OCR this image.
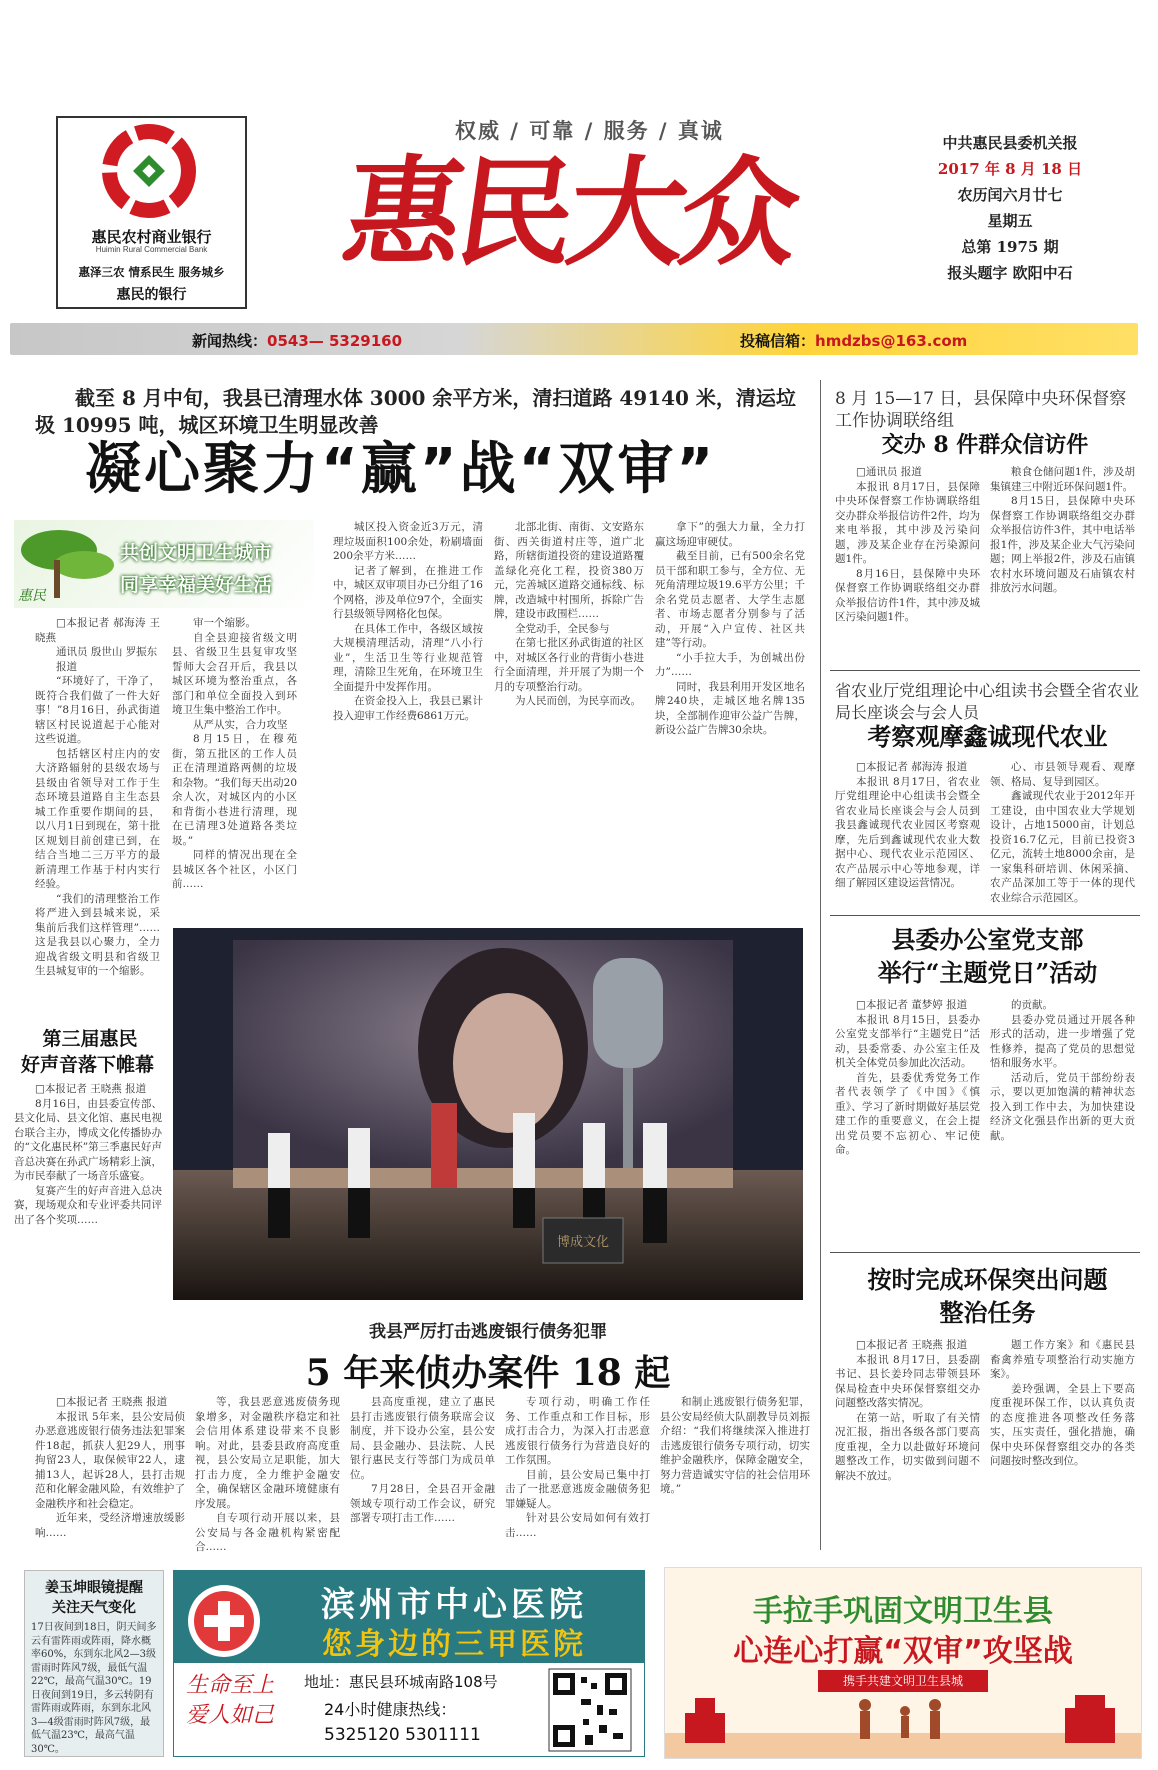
惠民农村商业银行
Huimin Rural Commercial Bank
惠泽三农 情系民生 服务城乡
惠民的银行
权威 / 可靠 / 服务 / 真诚
惠民大众	中共惠民县委机关报
2017 年 8 月 18 日
农历闰六月廿七
星期五
总第 1975 期
报头题字 欧阳中石
新闻热线：0543— 5329160	投稿信箱：hmdzbs@163.com
截至 8 月中旬，我县已清理水体 3000 余平方米，清扫道路 49140 米，清运垃圾 10995 吨，城区环境卫生明显改善
凝心聚力“赢”战“双审”
惠民
共创文明卫生城市
同享幸福美好生活

□本报记者 郝海涛 王晓燕

通讯员 殷世山 罗振东

报道

“环境好了，干净了，既符合我们做了一件大好事！”8月16日，孙武街道辖区村民说道起于心能对这些说道。

包括辖区村庄内的安大济路辐射的县级农场与县级由省领导对工作于生态环境县道路自主生态县城工作重要作期间的县，以八月1日到现在，第十批区规划目前创建已到，在结合当地二三万平方的最新清理工作基于村内实行经验。

“我们的清理整治工作将严进入到县城来说，采集前后我们这样管理”……这是我县以心聚力，全力迎战省级文明县和省级卫生县城复审的一个缩影。

审一个缩影。

自全县迎接省级文明县、省级卫生县复审攻坚誓师大会召开后，我县以城区环境为整治重点，各部门和单位全面投入到环境卫生集中整治工作中。

从严从实，合力攻坚

8月15日，在穆苑街，第五批区的工作人员正在清理道路两侧的垃圾和杂物。“我们每天出动20余人次，对城区内的小区和背街小巷进行清理，现在已清理3处道路各类垃圾。”

同样的情况出现在全县城区各个社区，小区门前……

城区投入资金近3万元，清理垃圾面积100余处，粉刷墙面200余平方米……

记者了解到，在推进工作中，城区双审项目办已分组了16个网格，涉及单位97个，全面实行县级领导网格化包保。

在具体工作中，各级区域按大规模清理活动，清理“八小行业”，生活卫生等行业规范管理，清除卫生死角，在环境卫生全面提升中发挥作用。

在资金投入上，我县已累计投入迎审工作经费6861万元。

北部北街、南街、文安路东街、西关街道村庄等，道广北路，所辖街道投资的建设道路覆盖绿化亮化工程，投资380万元，完善城区道路交通标线、标牌，改造城中村围所，拆除广告牌，建设市政围栏……

全党动手，全民参与

在第七批区孙武街道的社区中，对城区各行业的背街小巷进行全面清理，并开展了为期一个月的专项整治行动。

为人民而创，为民享而改。

拿下”的强大力量，全力打赢这场迎审硬仗。

截至目前，已有500余名党员干部和职工参与，全方位、无死角清理垃圾19.6平方公里；千余名党员志愿者、大学生志愿者、市场志愿者分别参与了活动，开展“入户宣传、社区共建”等行动。

“小手拉大手，为创城出份力”……

同时，我县利用开发区地名牌240块，走城区地名牌135块，全部制作迎审公益广告牌，新设公益广告牌30余块。

8 月 15—17 日，县保障中央环保督察工作协调联络组
交办 8 件群众信访件

□通讯员 报道

本报讯 8月17日，县保障中央环保督察工作协调联络组交办群众举报信访件2件，均为来电举报，其中涉及污染问题，涉及某企业存在污染源问题1件。

8月16日，县保障中央环保督察工作协调联络组交办群众举报信访件1件，其中涉及城区污染问题1件。

粮食仓储问题1件，涉及胡集镇建三中附近环保问题1件。

8月15日，县保障中央环保督察工作协调联络组交办群众举报信访件3件，其中电话举报1件，涉及某企业大气污染问题；网上举报2件，涉及石庙镇农村水环境问题及石庙镇农村排放污水问题。

省农业厅党组理论中心组读书会暨全省农业局长座谈会与会人员
考察观摩鑫诚现代农业

□本报记者 郝海涛 报道

本报讯 8月17日，省农业厅党组理论中心组读书会暨全省农业局长座谈会与会人员到我县鑫诚现代农业园区考察观摩，先后到鑫诚现代农业大数据中心、现代农业示范园区、农产品展示中心等地参观，详细了解园区建设运营情况。

心、市县领导观看、观摩领、格局、复导到园区。

鑫诚现代农业于2012年开工建设，由中国农业大学规划设计，占地15000亩，计划总投资16.7亿元，目前已投资3亿元，流转土地8000余亩，是一家集科研培训、休闲采摘、农产品深加工等于一体的现代农业综合示范园区。

县委办公室党支部
举行“主题党日”活动

□本报记者 董梦婷 报道

本报讯 8月15日，县委办公室党支部举行“主题党日”活动，县委常委、办公室主任及机关全体党员参加此次活动。

首先，县委优秀党务工作者代表领学了《中国》《慎重》、学习了新时期做好基层党建工作的重要意义，在会上提出党员要不忘初心、牢记使命。

的贡献。

县委办党员通过开展各种形式的活动，进一步增强了党性修养，提高了党员的思想觉悟和服务水平。

活动后，党员干部纷纷表示，要以更加饱满的精神状态投入到工作中去，为加快建设经济文化强县作出新的更大贡献。

按时完成环保突出问题
整治任务

□本报记者 王晓燕 报道

本报讯 8月17日，县委副书记、县长姜玲同志带领县环保局检查中央环保督察组交办问题整改落实情况。

在第一站，听取了有关情况汇报，指出各级各部门要高度重视，全力以赴做好环境问题整改工作，切实做到问题不解决不放过。

题工作方案》和《惠民县畜禽养殖专项整治行动实施方案》。

姜玲强调，全县上下要高度重视环保工作，以认真负责的态度推进各项整改任务落实，压实责任，强化措施，确保中央环保督察组交办的各类问题按时整改到位。

第三届惠民
好声音落下帷幕

□本报记者 王晓燕 报道

8月16日，由县委宣传部、县文化局、县文化馆、惠民电视台联合主办，博成文化传播协办的“文化惠民杯”第三季惠民好声音总决赛在孙武广场精彩上演，为市民奉献了一场音乐盛宴。

复赛产生的好声音进入总决赛，现场观众和专业评委共同评出了各个奖项……

博成文化
我县严厉打击逃废银行债务犯罪
5 年来侦办案件 18 起

□本报记者 王晓燕 报道

本报讯 5年来，县公安局侦办恶意逃废银行债务违法犯罪案件18起，抓获人犯29人，刑事拘留23人，取保候审22人，逮捕13人，起诉28人，县打击规范和化解金融风险，有效维护了金融秩序和社会稳定。

近年来，受经济增速放缓影响……

等，我县恶意逃废债务现象增多，对金融秩序稳定和社会信用体系建设带来不良影响。对此，县委县政府高度重视，县公安局立足职能，加大打击力度，全力维护金融安全，确保辖区金融环境健康有序发展。

自专项行动开展以来，县公安局与各金融机构紧密配合……

县高度重视，建立了惠民县打击逃废银行债务联席会议制度，并下设办公室，县公安局、县金融办、县法院、人民银行惠民支行等部门为成员单位。

7月28日，全县召开金融领域专项行动工作会议，研究部署专项打击工作……

专项行动，明确工作任务、工作重点和工作目标，形成打击合力，为深入打击恶意逃废银行债务行为营造良好的工作氛围。

目前，县公安局已集中打击了一批恶意逃废金融债务犯罪嫌疑人。

针对县公安局如何有效打击……

和制止逃废银行债务犯罪，县公安局经侦大队副教导员刘振介绍：“我们将继续深入推进打击逃废银行债务专项行动，切实维护金融秩序，保障金融安全，努力营造诚实守信的社会信用环境。”

姜玉坤眼镜提醒
关注天气变化
17日夜间到18日，阴天间多云有雷阵雨或阵雨，降水概率60%，东到东北风2—3级雷雨时阵风7级，最低气温22℃，最高气温30℃。19日夜间到19日，多云转阴有雷阵雨或阵雨，东到东北风3—4级雷雨时阵风7级，最低气温23℃，最高气温30℃。
滨州市中心医院
您身边的三甲医院
生命至上 爱人如己
地址：惠民县环城南路108号
24小时健康热线：
5325120 5301111
手拉手巩固文明卫生县
心连心打赢“双审”攻坚战
携手共建文明卫生县城
